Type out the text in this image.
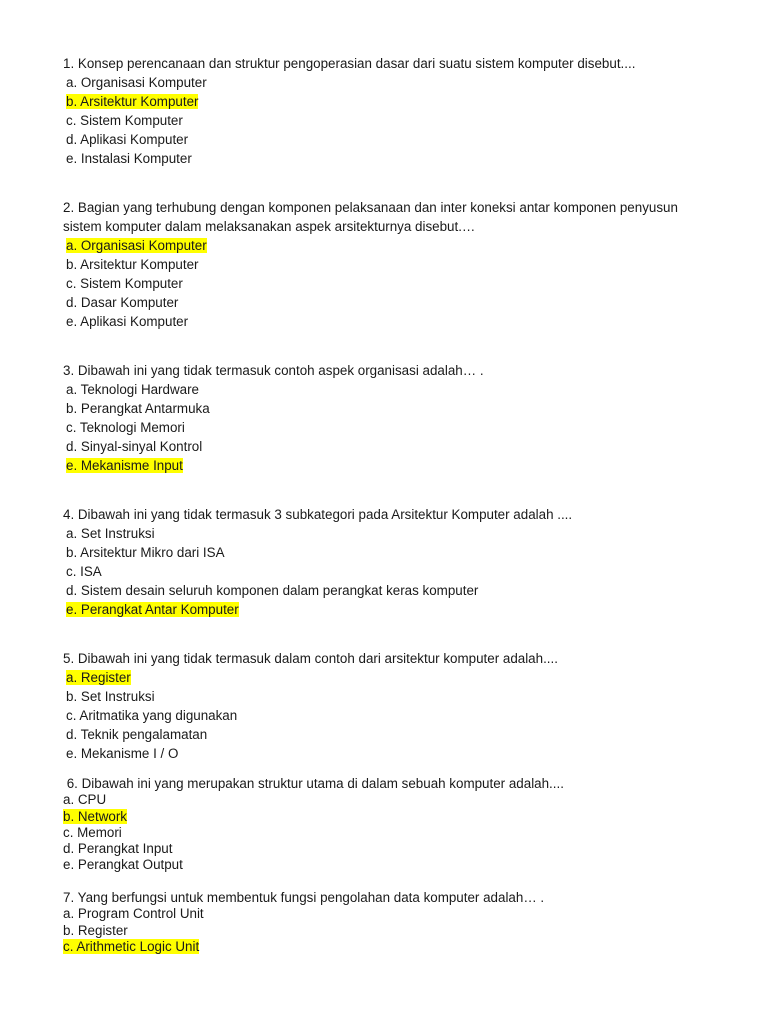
1. Konsep perencanaan dan struktur pengoperasian dasar dari suatu sistem komputer disebut....
a. Organisasi Komputer
b. Arsitektur Komputer
c. Sistem Komputer
d. Aplikasi Komputer
e. Instalasi Komputer
2. Bagian yang terhubung dengan komponen pelaksanaan dan inter koneksi antar komponen penyusun sistem komputer dalam melaksanakan aspek arsitekturnya disebut.…
a. Organisasi Komputer
b. Arsitektur Komputer
c. Sistem Komputer
d. Dasar Komputer
e. Aplikasi Komputer
3. Dibawah ini yang tidak termasuk contoh aspek organisasi adalah… .
a. Teknologi Hardware
b. Perangkat Antarmuka
c. Teknologi Memori
d. Sinyal-sinyal Kontrol
e. Mekanisme Input
4. Dibawah ini yang tidak termasuk 3 subkategori pada Arsitektur Komputer adalah ....
a. Set Instruksi
b. Arsitektur Mikro dari ISA
c. ISA
d. Sistem desain seluruh komponen dalam perangkat keras komputer
e. Perangkat Antar Komputer
5. Dibawah ini yang tidak termasuk dalam contoh dari arsitektur komputer adalah....
a. Register
b. Set Instruksi
c. Aritmatika yang digunakan
d. Teknik pengalamatan
e. Mekanisme I / O
6. Dibawah ini yang merupakan struktur utama di dalam sebuah komputer adalah....
a. CPU
b. Network
c. Memori
d. Perangkat Input
e. Perangkat Output
7. Yang berfungsi untuk membentuk fungsi pengolahan data komputer adalah… .
a. Program Control Unit
b. Register
c. Arithmetic Logic Unit
